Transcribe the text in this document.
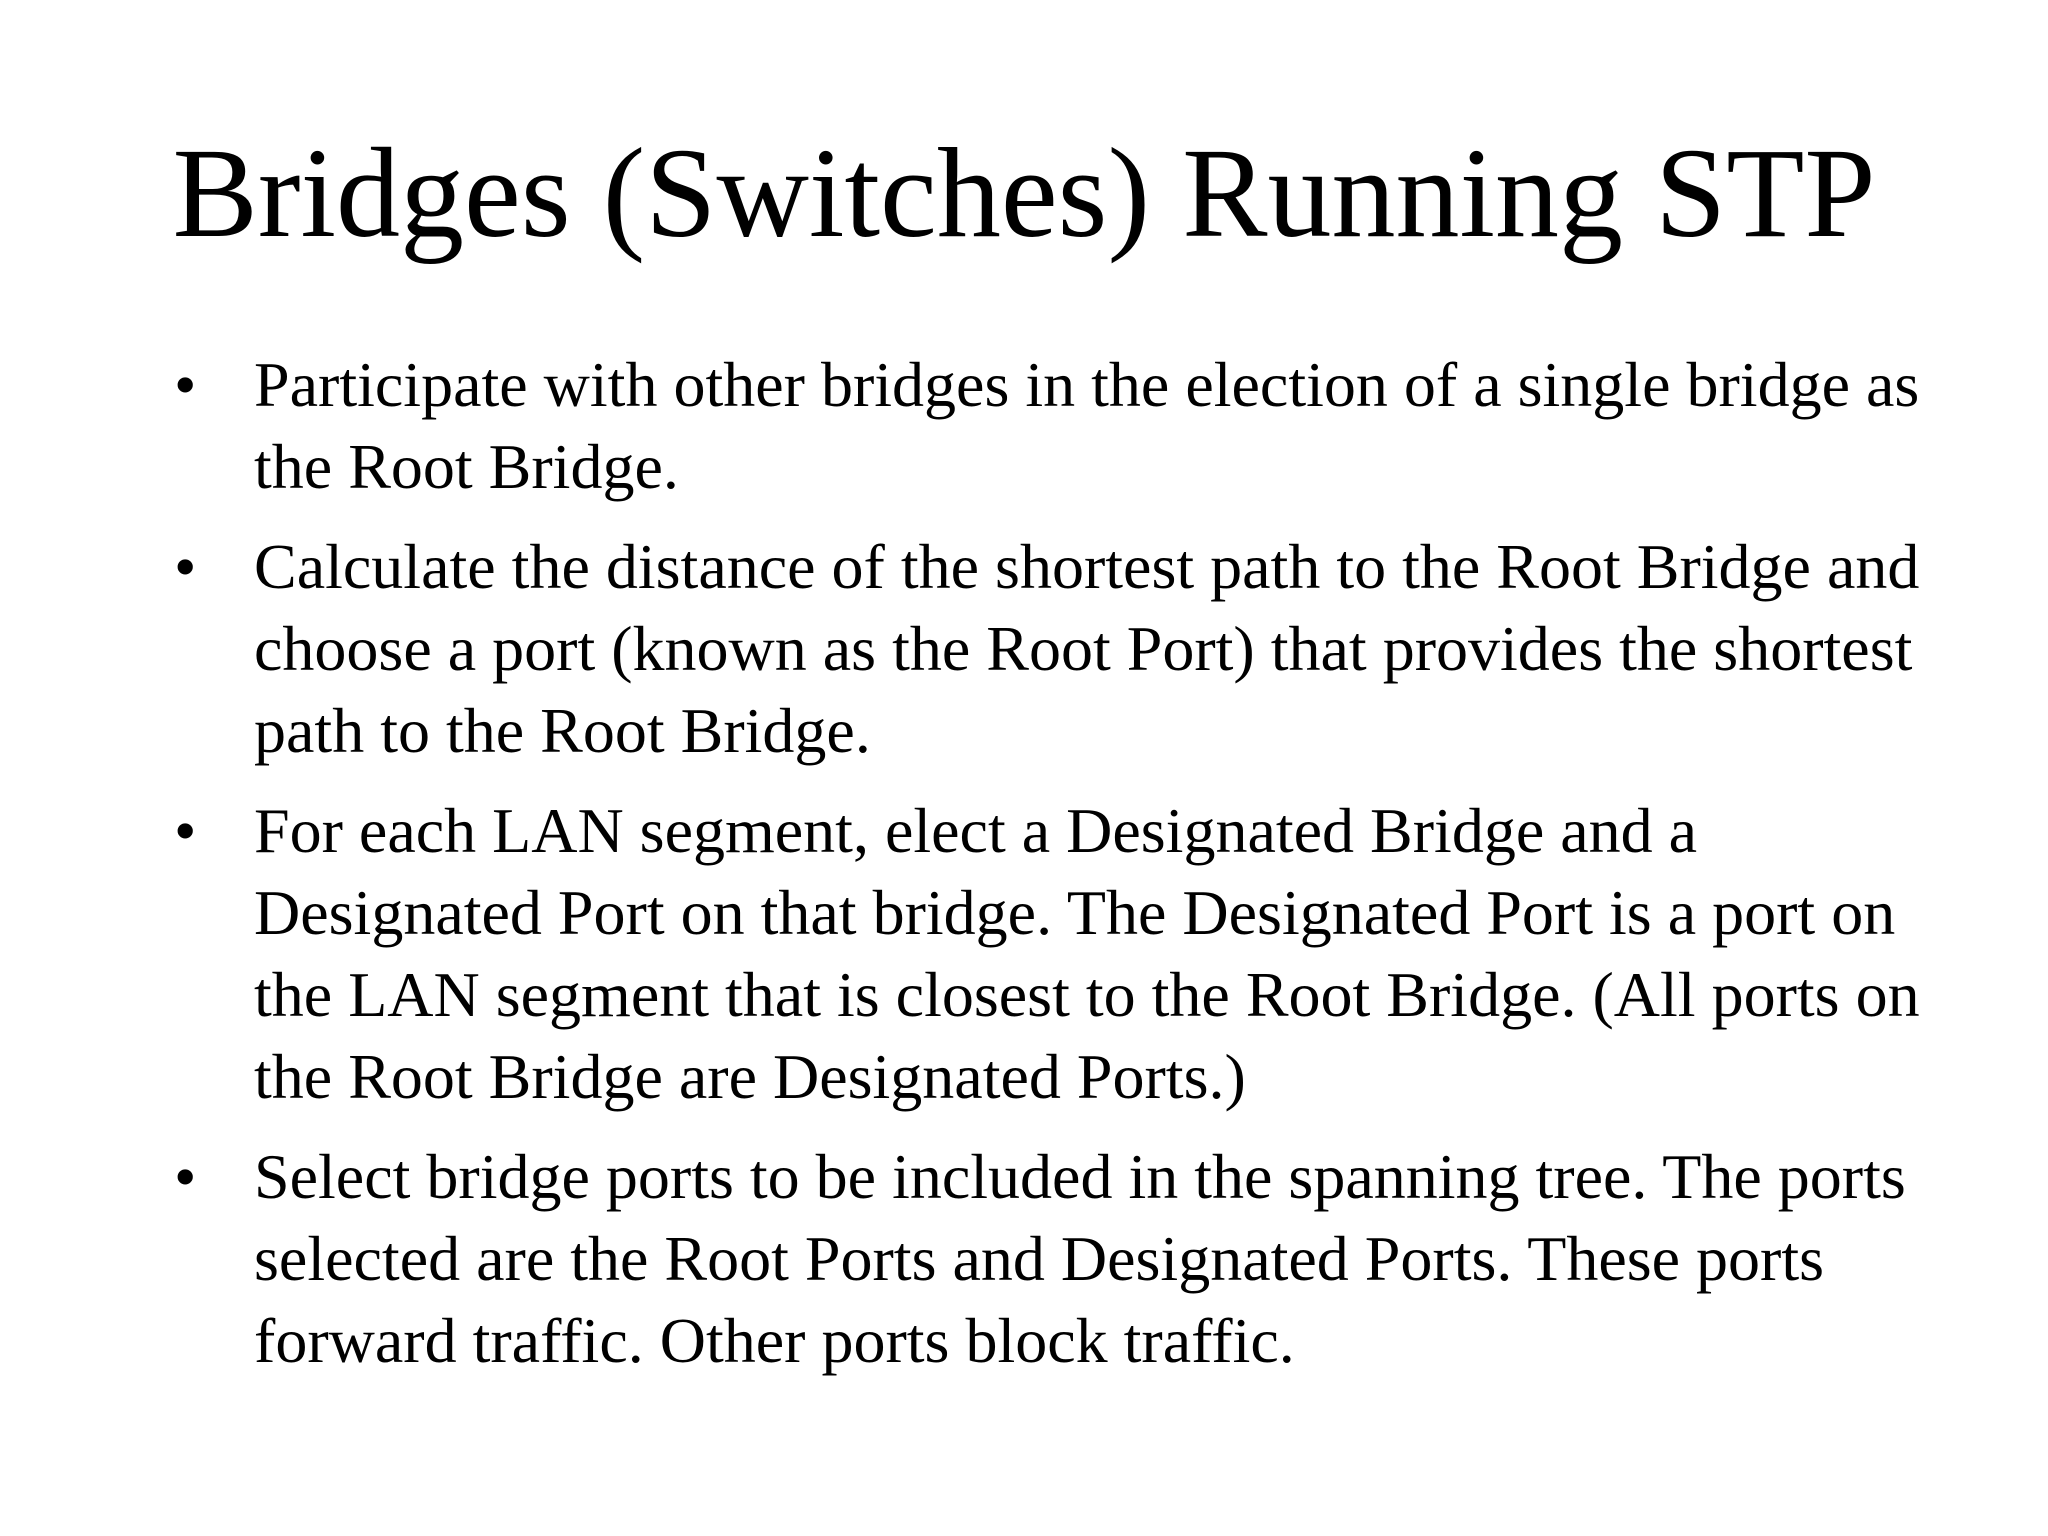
Bridges (Switches) Running STP
• Participate with other bridges in the election of a single bridge as the Root Bridge.
• Calculate the distance of the shortest path to the Root Bridge and choose a port (known as the Root Port) that provides the shortest path to the Root Bridge.
• For each LAN segment, elect a Designated Bridge and a Designated Port on that bridge. The Designated Port is a port on the LAN segment that is closest to the Root Bridge. (All ports on the Root Bridge are Designated Ports.)
• Select bridge ports to be included in the spanning tree. The ports selected are the Root Ports and Designated Ports. These ports forward traffic. Other ports block traffic.
